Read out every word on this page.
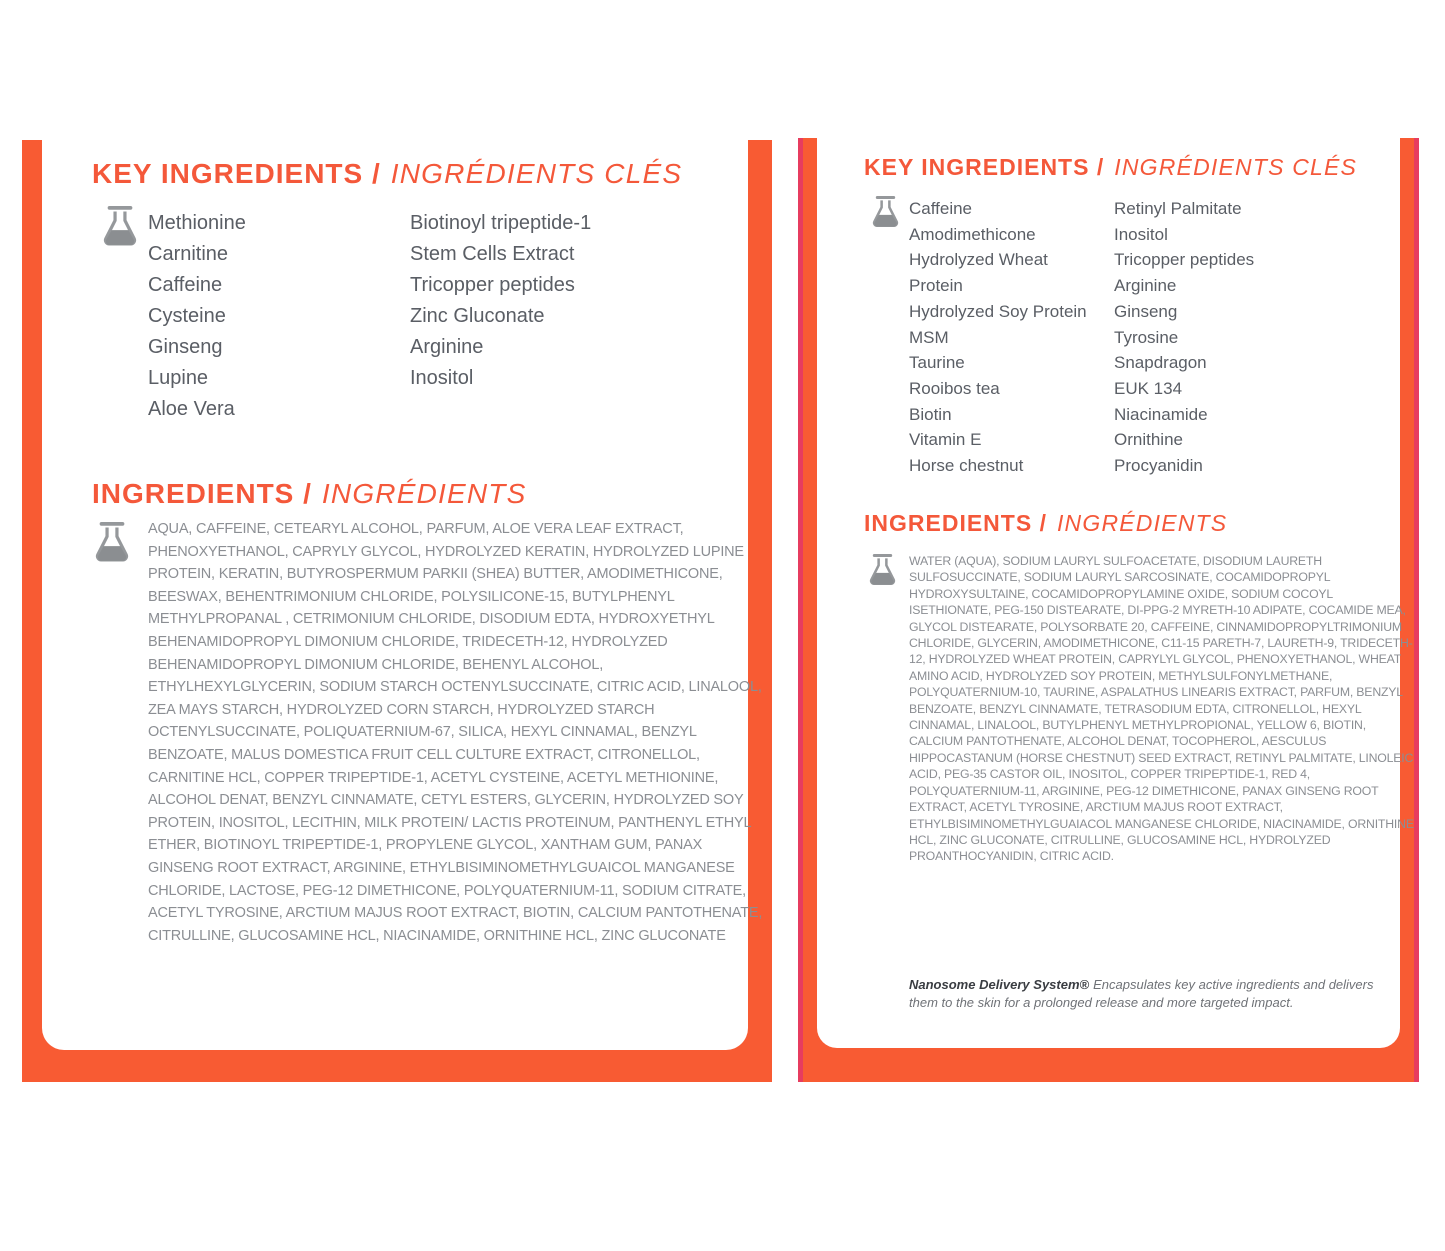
KEY INGREDIENTS / INGRÉDIENTS CLÉS
Methionine
Carnitine
Caffeine
Cysteine
Ginseng
Lupine
Aloe Vera
Biotinoyl tripeptide-1
Stem Cells Extract
Tricopper peptides
Zinc Gluconate
Arginine
Inositol
INGREDIENTS / INGRÉDIENTS
AQUA, CAFFEINE, CETEARYL ALCOHOL, PARFUM, ALOE VERA LEAF EXTRACT, PHENOXYETHANOL, CAPRYLY GLYCOL, HYDROLYZED KERATIN, HYDROLYZED LUPINE PROTEIN, KERATIN, BUTYROSPERMUM PARKII (SHEA) BUTTER, AMODIMETHICONE, BEESWAX, BEHENTRIMONIUM CHLORIDE, POLYSILICONE-15, BUTYLPHENYL METHYLPROPANAL , CETRIMONIUM CHLORIDE, DISODIUM EDTA, HYDROXYETHYL BEHENAMIDOPROPYL DIMONIUM CHLORIDE, TRIDECETH-12, HYDROLYZED BEHENAMIDOPROPYL DIMONIUM CHLORIDE, BEHENYL ALCOHOL, ETHYLHEXYLGLYCERIN, SODIUM STARCH OCTENYLSUCCINATE, CITRIC ACID, LINALOOL, ZEA MAYS STARCH, HYDROLYZED CORN STARCH, HYDROLYZED STARCH OCTENYLSUCCINATE, POLIQUATERNIUM-67, SILICA, HEXYL CINNAMAL, BENZYL BENZOATE, MALUS DOMESTICA FRUIT CELL CULTURE EXTRACT, CITRONELLOL, CARNITINE HCL, COPPER TRIPEPTIDE-1, ACETYL CYSTEINE, ACETYL METHIONINE, ALCOHOL DENAT, BENZYL CINNAMATE, CETYL ESTERS, GLYCERIN, HYDROLYZED SOY PROTEIN, INOSITOL, LECITHIN, MILK PROTEIN/ LACTIS PROTEINUM, PANTHENYL ETHYL ETHER, BIOTINOYL TRIPEPTIDE-1, PROPYLENE GLYCOL, XANTHAM GUM, PANAX GINSENG ROOT EXTRACT, ARGININE, ETHYLBISIMINOMETHYLGUAICOL MANGANESE CHLORIDE, LACTOSE, PEG-12 DIMETHICONE, POLYQUATERNIUM-11, SODIUM CITRATE, ACETYL TYROSINE, ARCTIUM MAJUS ROOT EXTRACT, BIOTIN, CALCIUM PANTOTHENATE, CITRULLINE, GLUCOSAMINE HCL, NIACINAMIDE, ORNITHINE HCL, ZINC GLUCONATE
KEY INGREDIENTS / INGRÉDIENTS CLÉS
Caffeine
Amodimethicone
Hydrolyzed Wheat Protein
Hydrolyzed Soy Protein
MSM
Taurine
Rooibos tea
Biotin
Vitamin E
Horse chestnut
Retinyl Palmitate
Inositol
Tricopper peptides
Arginine
Ginseng
Tyrosine
Snapdragon
EUK 134
Niacinamide
Ornithine
Procyanidin
INGREDIENTS / INGRÉDIENTS
WATER (AQUA), SODIUM LAURYL SULFOACETATE, DISODIUM LAURETH SULFOSUCCINATE, SODIUM LAURYL SARCOSINATE, COCAMIDOPROPYL HYDROXYSULTAINE, COCAMIDOPROPYLAMINE OXIDE, SODIUM COCOYL ISETHIONATE, PEG-150 DISTEARATE, DI-PPG-2 MYRETH-10 ADIPATE, COCAMIDE MEA, GLYCOL DISTEARATE, POLYSORBATE 20, CAFFEINE, CINNAMIDOPROPYLTRIMONIUM CHLORIDE, GLYCERIN, AMODIMETHICONE, C11-15 PARETH-7, LAURETH-9, TRIDECETH-12, HYDROLYZED WHEAT PROTEIN, CAPRYLYL GLYCOL, PHENOXYETHANOL, WHEAT AMINO ACID, HYDROLYZED SOY PROTEIN, METHYLSULFONYLMETHANE, POLYQUATERNIUM-10, TAURINE, ASPALATHUS LINEARIS EXTRACT, PARFUM, BENZYL BENZOATE, BENZYL CINNAMATE, TETRASODIUM EDTA, CITRONELLOL, HEXYL CINNAMAL, LINALOOL, BUTYLPHENYL METHYLPROPIONAL, YELLOW 6, BIOTIN, CALCIUM PANTOTHENATE, ALCOHOL DENAT, TOCOPHEROL, AESCULUS HIPPOCASTANUM (HORSE CHESTNUT) SEED EXTRACT, RETINYL PALMITATE, LINOLEIC ACID, PEG-35 CASTOR OIL, INOSITOL, COPPER TRIPEPTIDE-1, RED 4, POLYQUATERNIUM-11, ARGININE, PEG-12 DIMETHICONE, PANAX GINSENG ROOT EXTRACT, ACETYL TYROSINE, ARCTIUM MAJUS ROOT EXTRACT, ETHYLBISIMINOMETHYLGUAIACOL MANGANESE CHLORIDE, NIACINAMIDE, ORNITHINE HCL, ZINC GLUCONATE, CITRULLINE, GLUCOSAMINE HCL, HYDROLYZED PROANTHOCYANIDIN, CITRIC ACID.
Nanosome Delivery System® Encapsulates key active ingredients and delivers them to the skin for a prolonged release and more targeted impact.
